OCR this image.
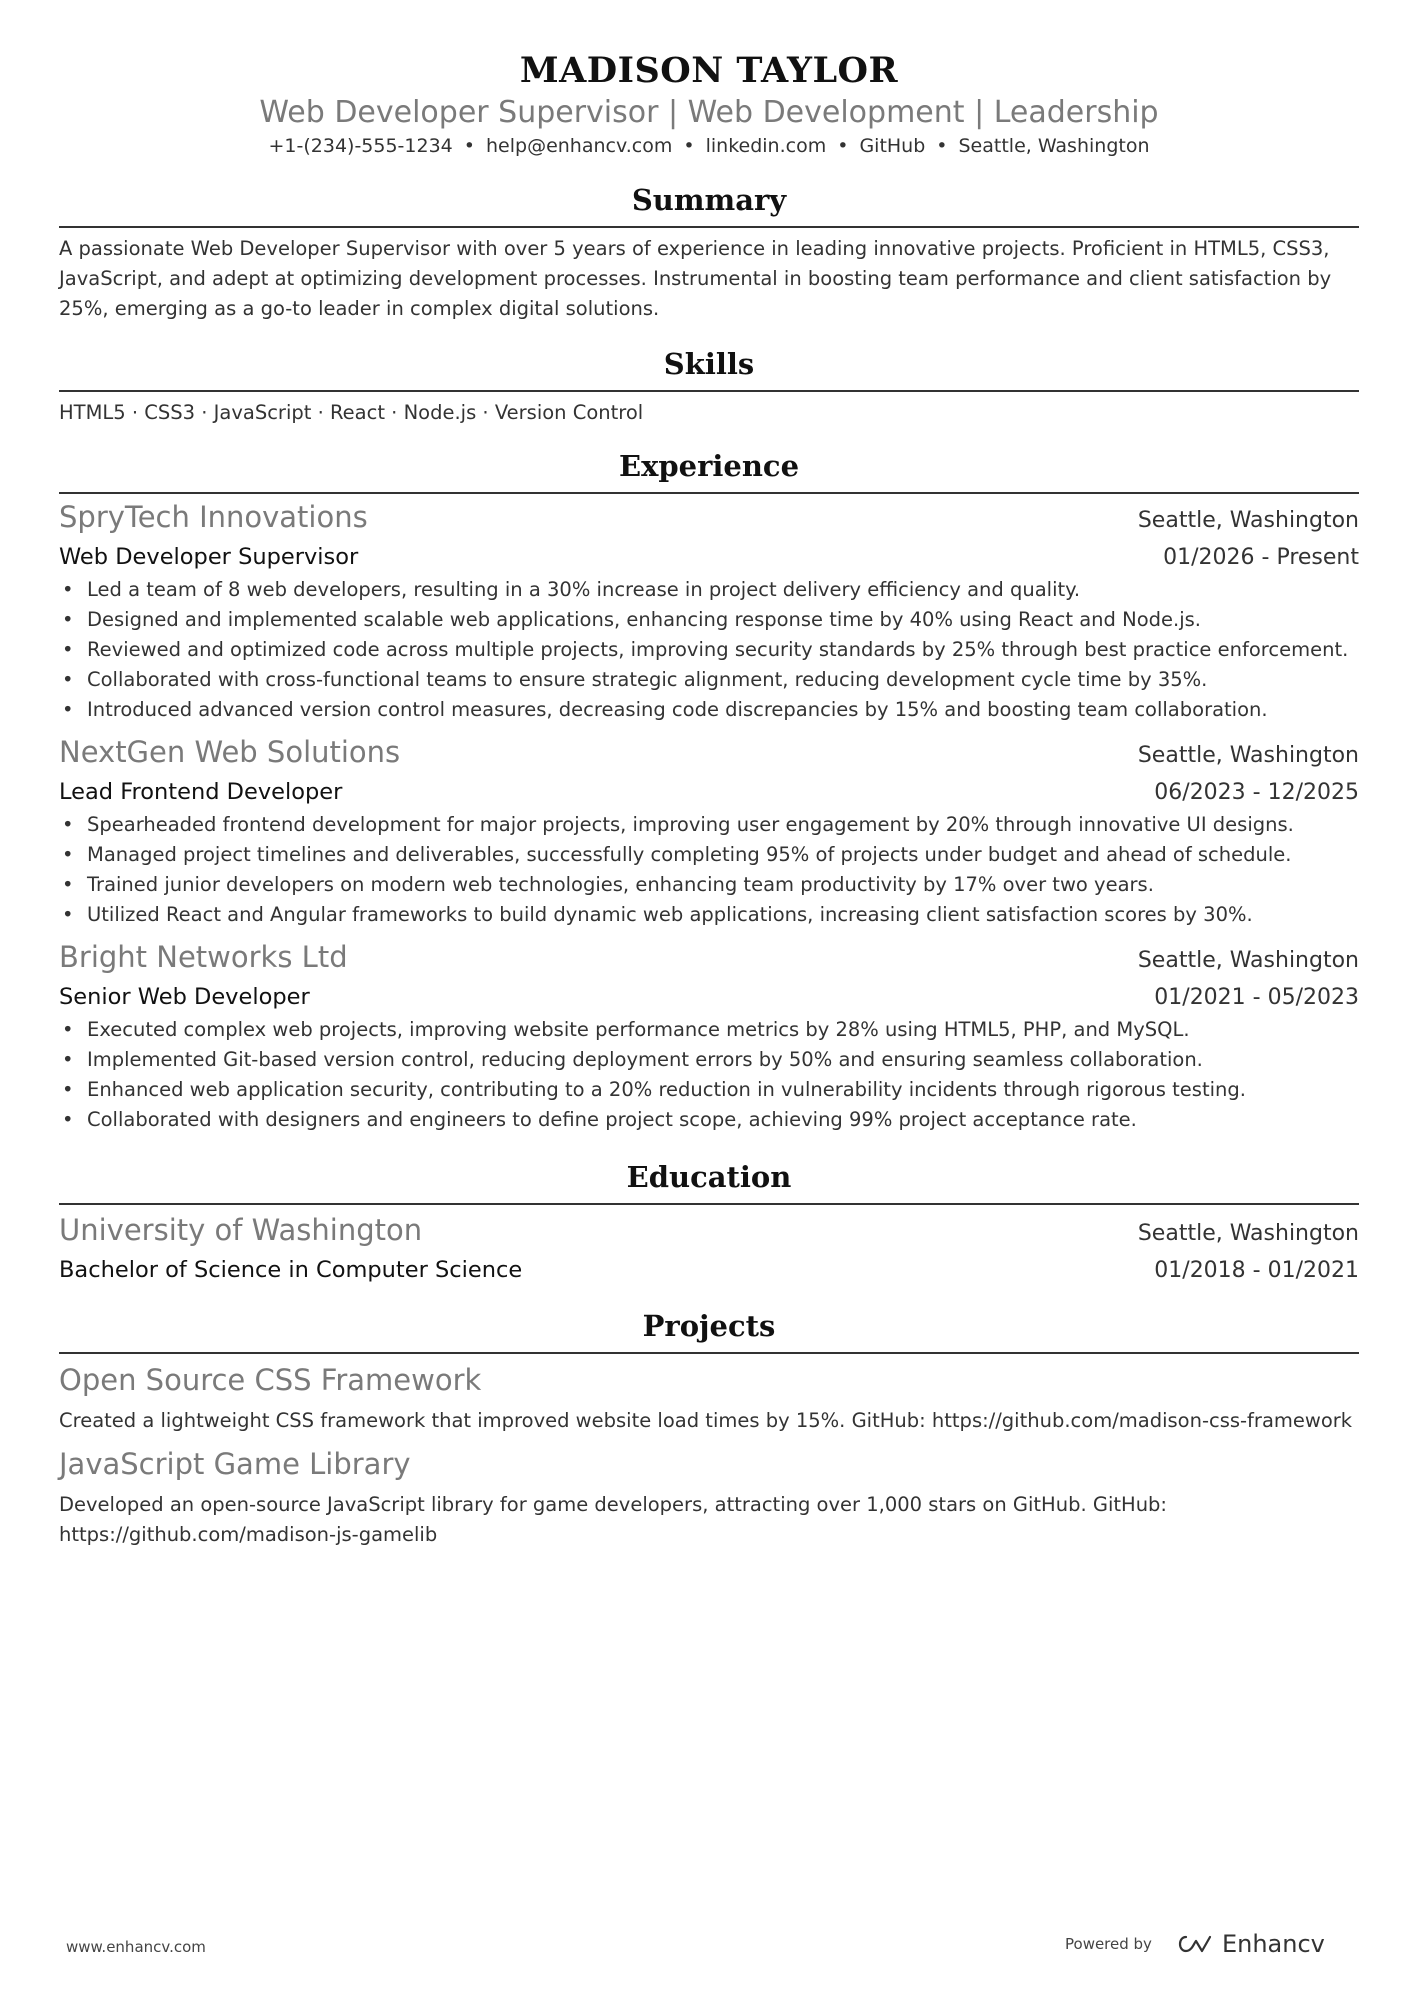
MADISON TAYLOR
Web Developer Supervisor | Web Development | Leadership
+1-(234)-555-1234 • help@enhancv.com • linkedin.com • GitHub • Seattle, Washington
Summary
A passionate Web Developer Supervisor with over 5 years of experience in leading innovative projects. Proficient in HTML5, CSS3, JavaScript, and adept at optimizing development processes. Instrumental in boosting team performance and client satisfaction by 25%, emerging as a go-to leader in complex digital solutions.
Skills
HTML5 · CSS3 · JavaScript · React · Node.js · Version Control
Experience
SpryTech Innovations	Seattle, Washington
Web Developer Supervisor	01/2026 - Present
• Led a team of 8 web developers, resulting in a 30% increase in project delivery efficiency and quality.
• Designed and implemented scalable web applications, enhancing response time by 40% using React and Node.js.
• Reviewed and optimized code across multiple projects, improving security standards by 25% through best practice enforcement.
• Collaborated with cross-functional teams to ensure strategic alignment, reducing development cycle time by 35%.
• Introduced advanced version control measures, decreasing code discrepancies by 15% and boosting team collaboration.
NextGen Web Solutions	Seattle, Washington
Lead Frontend Developer	06/2023 - 12/2025
• Spearheaded frontend development for major projects, improving user engagement by 20% through innovative UI designs.
• Managed project timelines and deliverables, successfully completing 95% of projects under budget and ahead of schedule.
• Trained junior developers on modern web technologies, enhancing team productivity by 17% over two years.
• Utilized React and Angular frameworks to build dynamic web applications, increasing client satisfaction scores by 30%.
Bright Networks Ltd	Seattle, Washington
Senior Web Developer	01/2021 - 05/2023
• Executed complex web projects, improving website performance metrics by 28% using HTML5, PHP, and MySQL.
• Implemented Git-based version control, reducing deployment errors by 50% and ensuring seamless collaboration.
• Enhanced web application security, contributing to a 20% reduction in vulnerability incidents through rigorous testing.
• Collaborated with designers and engineers to define project scope, achieving 99% project acceptance rate.
Education
University of Washington	Seattle, Washington
Bachelor of Science in Computer Science	01/2018 - 01/2021
Projects
Open Source CSS Framework
Created a lightweight CSS framework that improved website load times by 15%. GitHub: https://github.com/madison-css-framework
JavaScript Game Library
Developed an open-source JavaScript library for game developers, attracting over 1,000 stars on GitHub. GitHub: https://github.com/madison-js-gamelib
www.enhancv.com	Powered by	Enhancv
